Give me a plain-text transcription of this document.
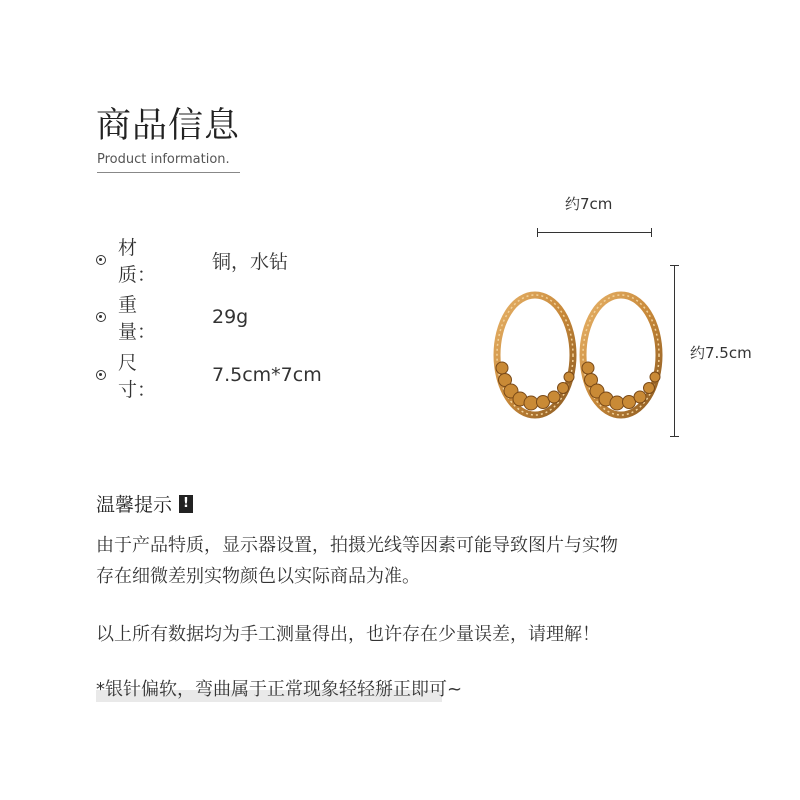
商品信息
Product information.
材　　质：
铜，水钻
重　　量：
29g
尺　　寸：
7.5cm*7cm
约7cm
约7.5cm
温馨提示 !
由于产品特质，显示器设置，拍摄光线等因素可能导致图片与实物
存在细微差别实物颜色以实际商品为准。
以上所有数据均为手工测量得出，也许存在少量误差，请理解！
*银针偏软，弯曲属于正常现象轻轻掰正即可~
